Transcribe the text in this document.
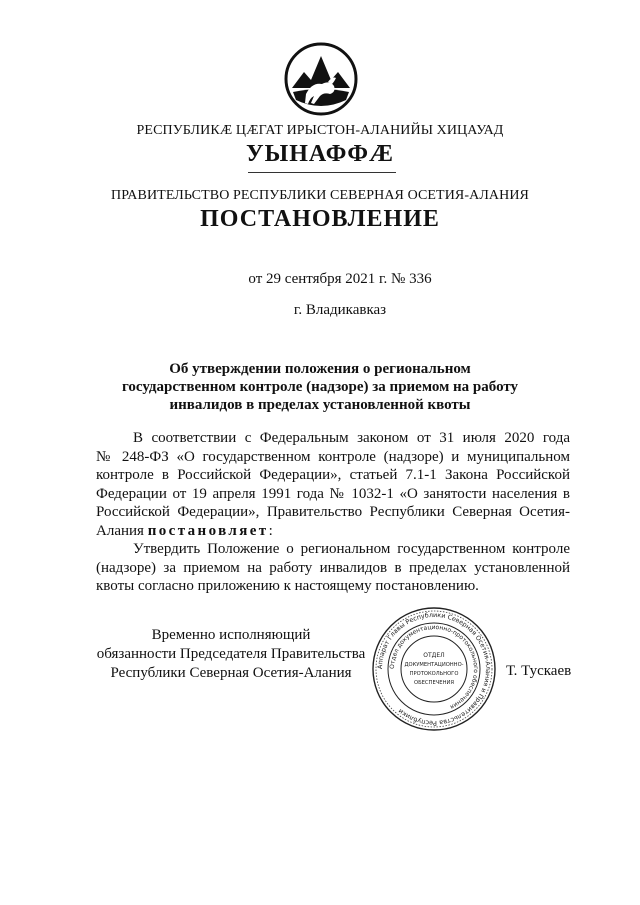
РЕСПУБЛИКÆ ЦÆГАТ ИРЫСТОН-АЛАНИЙЫ ХИЦАУАД
УЫНАФФÆ
ПРАВИТЕЛЬСТВО РЕСПУБЛИКИ СЕВЕРНАЯ ОСЕТИЯ-АЛАНИЯ
ПОСТАНОВЛЕНИЕ
от 29 сентября 2021 г. № 336
г. Владикавказ
Об утверждении положения о региональном
государственном контроле (надзоре) за приемом на работу
инвалидов в пределах установленной квоты
В соответствии с Федеральным законом от 31 июля 2020 года
№ 248-ФЗ «О государственном контроле (надзоре) и муниципальном
контроле в Российской Федерации», статьей 7.1-1 Закона Российской
Федерации от 19 апреля 1991 года № 1032-1 «О занятости населения в
Российской Федерации», Правительство Республики Северная Осетия-
Алания постановляет:
Утвердить Положение о региональном государственном контроле
(надзоре) за приемом на работу инвалидов в пределах установленной
квоты согласно приложению к настоящему постановлению.
Временно исполняющий
обязанности Председателя Правительства
Республики Северная Осетия-Алания	Т. Тускаев
Аппарат Главы Республики Северная Осетия-Алания и Правительства Республики
Отдел документационно-протокольного обеспечения
ОТДЕЛ
ДОКУМЕНТАЦИОННО-
ПРОТОКОЛЬНОГО
ОБЕСПЕЧЕНИЯ
